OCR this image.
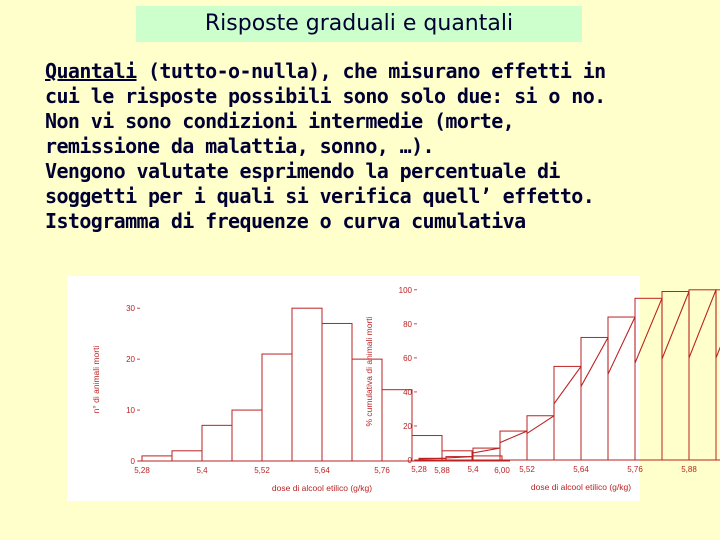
Risposte graduali e quantali
Quantali (tutto-o-nulla), che misurano effetti in
cui le risposte possibili sono solo due: si o no.
Non vi sono condizioni intermedie (morte,
remissione da malattia, sonno, …).
Vengono valutate esprimendo la percentuale di
soggetti per i quali si verifica quell’ effetto.
Istogramma di frequenze o curva cumulativa
0
10
20
30
5,28	5,4	5,52	5,64	5,76	5,88	6,00
dose di alcool etilico (g/kg)
n° di animali morti
0
20
40
60
80
100
5,28	5,4	5,52	5,64	5,76	5,88
dose di alcool etilico (g/kg)
% cumulativa di animali morti
